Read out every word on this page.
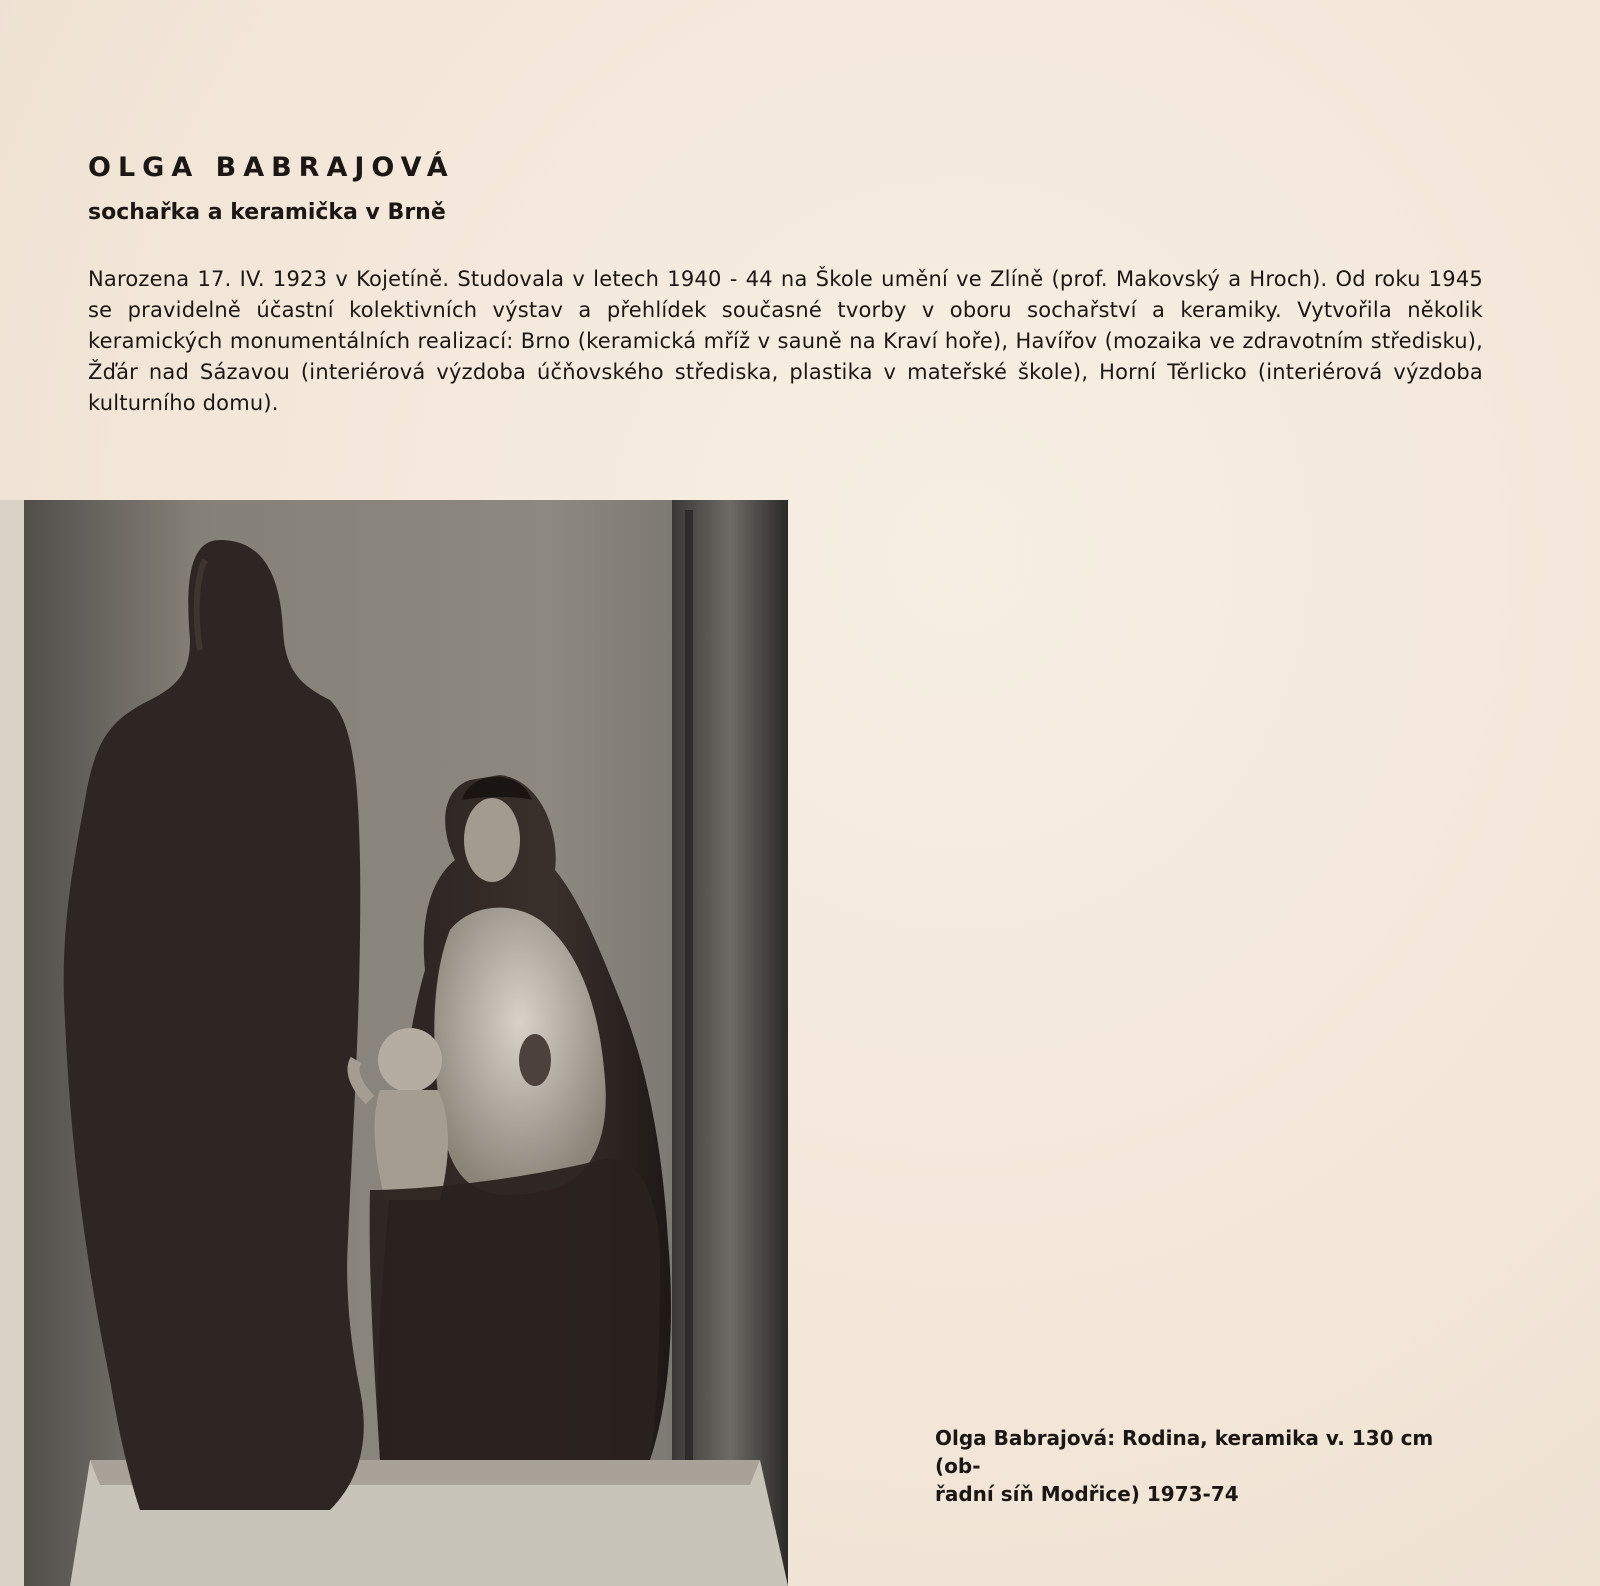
OLGA BABRAJOVÁ
sochařka a keramička v Brně

Narozena 17. IV. 1923 v Kojetíně. Studovala v letech 1940 - 44 na Škole umění ve Zlíně (prof. Makovský a Hroch). Od roku 1945 se pravidelně účastní kolektivních výstav a přehlídek současné tvorby v oboru sochařství a keramiky. Vytvořila několik keramických monumentálních realizací: Brno (keramická mříž v sauně na Kraví hoře), Havířov (mozaika ve zdravotním středisku), Žďár nad Sázavou (interiérová výzdoba účňovského střediska, plastika v mateřské škole), Horní Těrlicko (interiérová výzdoba kulturního domu).

Olga Babrajová: Rodina, keramika v. 130 cm (ob-
řadní síň Modřice) 1973-74
